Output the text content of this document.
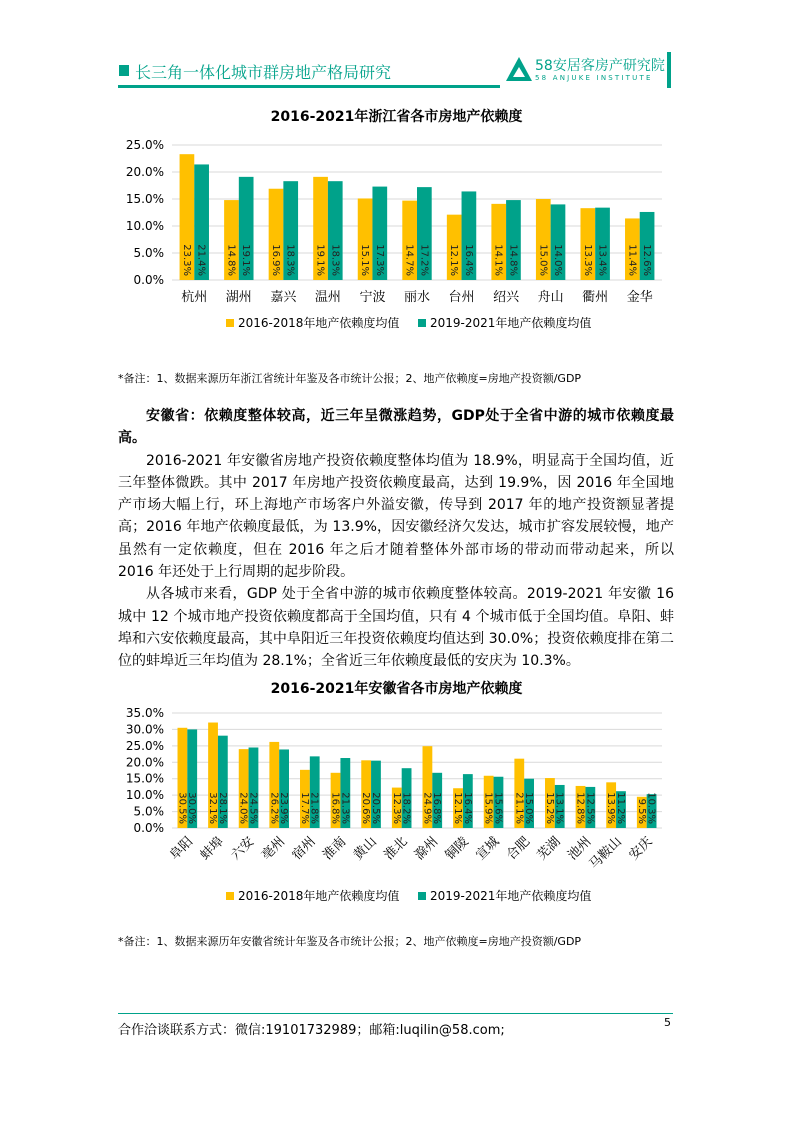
长三角一体化城市群房地产格局研究	58安居客房产研究院
58 ANJUKE INSTITUTE
2016-2021年浙江省各市房地产依赖度
0.0%
5.0%
10.0%
15.0%
20.0%
25.0%
23.3% 21.4%
杭州
14.8% 19.1%
湖州
16.9% 18.3%
嘉兴
19.1% 18.3%
温州
15.1% 17.3%
宁波
14.7% 17.2%
丽水
12.1% 16.4%
台州
14.1% 14.8%
绍兴
15.0% 14.0%
舟山
13.3% 13.4%
衢州
11.4% 12.6%
金华
2016-2018年地产依赖度均值	2019-2021年地产依赖度均值
*备注：1、数据来源历年浙江省统计年鉴及各市统计公报；2、地产依赖度=房地产投资额/GDP

安徽省：依赖度整体较高，近三年呈微涨趋势，GDP处于全省中游的城市依赖度最高。

2016-2021 年安徽省房地产投资依赖度整体均值为 18.9%，明显高于全国均值，近三年整体微跌。其中 2017 年房地产投资依赖度最高，达到 19.9%，因 2016 年全国地产市场大幅上行，环上海地产市场客户外溢安徽，传导到 2017 年的地产投资额显著提高；2016 年地产依赖度最低，为 13.9%，因安徽经济欠发达，城市扩容发展较慢，地产虽然有一定依赖度，但在 2016 年之后才随着整体外部市场的带动而带动起来，所以 2016 年还处于上行周期的起步阶段。

从各城市来看，GDP 处于全省中游的城市依赖度整体较高。2019-2021 年安徽 16 城中 12 个城市地产投资依赖度都高于全国均值，只有 4 个城市低于全国均值。阜阳、蚌埠和六安依赖度最高，其中阜阳近三年投资依赖度均值达到 30.0%；投资依赖度排在第二位的蚌埠近三年均值为 28.1%；全省近三年依赖度最低的安庆为 10.3%。

2016-2021年安徽省各市房地产依赖度
0.0%
5.0%
10.0%
15.0%
20.0%
25.0%
30.0%
35.0%
30.5%
30.0%
阜阳
32.1%
28.1%
蚌埠
24.0%
24.5%
六安
26.2%
23.9%
亳州
17.7%
21.8%
宿州
16.8%
21.3%
淮南
20.6%
20.5%
黄山
12.3%
18.2%
淮北
24.9%
16.8%
滁州
12.1%
16.4%
铜陵
15.9%
15.6%
宣城
21.1%
15.0%
合肥
15.2%
13.1%
芜湖
12.8%
12.5%
池州
13.9%
11.2%
马鞍山
9.5%
10.3%
安庆
2016-2018年地产依赖度均值	2019-2021年地产依赖度均值
*备注：1、数据来源历年安徽省统计年鉴及各市统计公报；2、地产依赖度=房地产投资额/GDP
合作洽谈联系方式：微信:19101732989；邮箱:luqilin@58.com;
5
